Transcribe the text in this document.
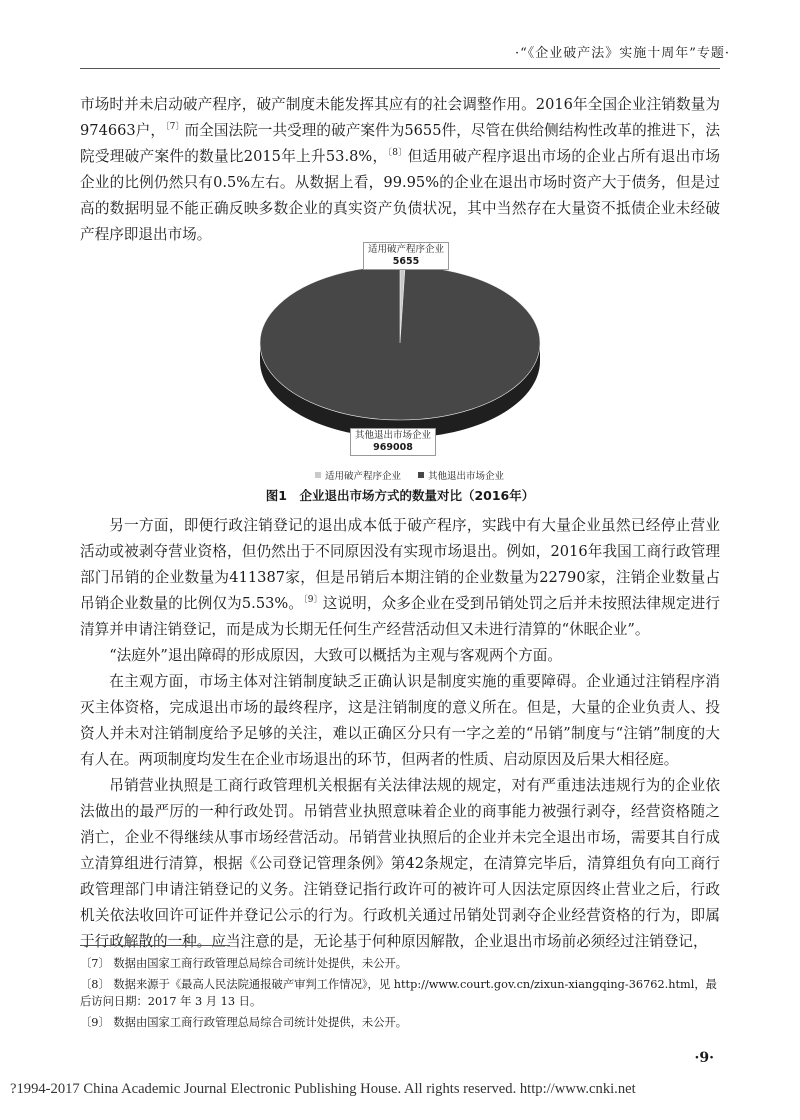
·“《企业破产法》实施十周年”专题·

市场时并未启动破产程序，破产制度未能发挥其应有的社会调整作用。2016年全国企业注销数量为974663户，$^{〔7〕}$而全国法院一共受理的破产案件为5655件，尽管在供给侧结构性改革的推进下，法院受理破产案件的数量比2015年上升53.8%，$^{〔8〕}$但适用破产程序退出市场的企业占所有退出市场企业的比例仍然只有0.5%左右。从数据上看，99.95%的企业在退出市场时资产大于债务，但是过高的数据明显不能正确反映多数企业的真实资产负债状况，其中当然存在大量资不抵债企业未经破产程序即退出市场。

适用破产程序企业
5655
其他退出市场企业
969008
适用破产程序企业	其他退出市场企业
图1　企业退出市场方式的数量对比（2016年）

另一方面，即便行政注销登记的退出成本低于破产程序，实践中有大量企业虽然已经停止营业活动或被剥夺营业资格，但仍然出于不同原因没有实现市场退出。例如，2016年我国工商行政管理部门吊销的企业数量为411387家，但是吊销后本期注销的企业数量为22790家，注销企业数量占吊销企业数量的比例仅为5.53%。$^{〔9〕}$这说明，众多企业在受到吊销处罚之后并未按照法律规定进行清算并申请注销登记，而是成为长期无任何生产经营活动但又未进行清算的“休眠企业”。

“法庭外”退出障碍的形成原因，大致可以概括为主观与客观两个方面。

在主观方面，市场主体对注销制度缺乏正确认识是制度实施的重要障碍。企业通过注销程序消灭主体资格，完成退出市场的最终程序，这是注销制度的意义所在。但是，大量的企业负责人、投资人并未对注销制度给予足够的关注，难以正确区分只有一字之差的“吊销”制度与“注销”制度的大有人在。两项制度均发生在企业市场退出的环节，但两者的性质、启动原因及后果大相径庭。

吊销营业执照是工商行政管理机关根据有关法律法规的规定，对有严重违法违规行为的企业依法做出的最严厉的一种行政处罚。吊销营业执照意味着企业的商事能力被强行剥夺，经营资格随之消亡，企业不得继续从事市场经营活动。吊销营业执照后的企业并未完全退出市场，需要其自行成立清算组进行清算，根据《公司登记管理条例》第42条规定，在清算完毕后，清算组负有向工商行政管理部门申请注销登记的义务。注销登记指行政许可的被许可人因法定原因终止营业之后，行政机关依法收回许可证件并登记公示的行为。行政机关通过吊销处罚剥夺企业经营资格的行为，即属于行政解散的一种。应当注意的是，无论基于何种原因解散，企业退出市场前必须经过注销登记，

〔7〕 数据由国家工商行政管理总局综合司统计处提供，未公开。

〔8〕 数据来源于《最高人民法院通报破产审判工作情况》，见 http://www.court.gov.cn/zixun-xiangqing-36762.html，最后访问日期：2017 年 3 月 13 日。

〔9〕 数据由国家工商行政管理总局综合司统计处提供，未公开。

·9·
?1994-2017 China Academic Journal Electronic Publishing House. All rights reserved. http://www.cnki.net
